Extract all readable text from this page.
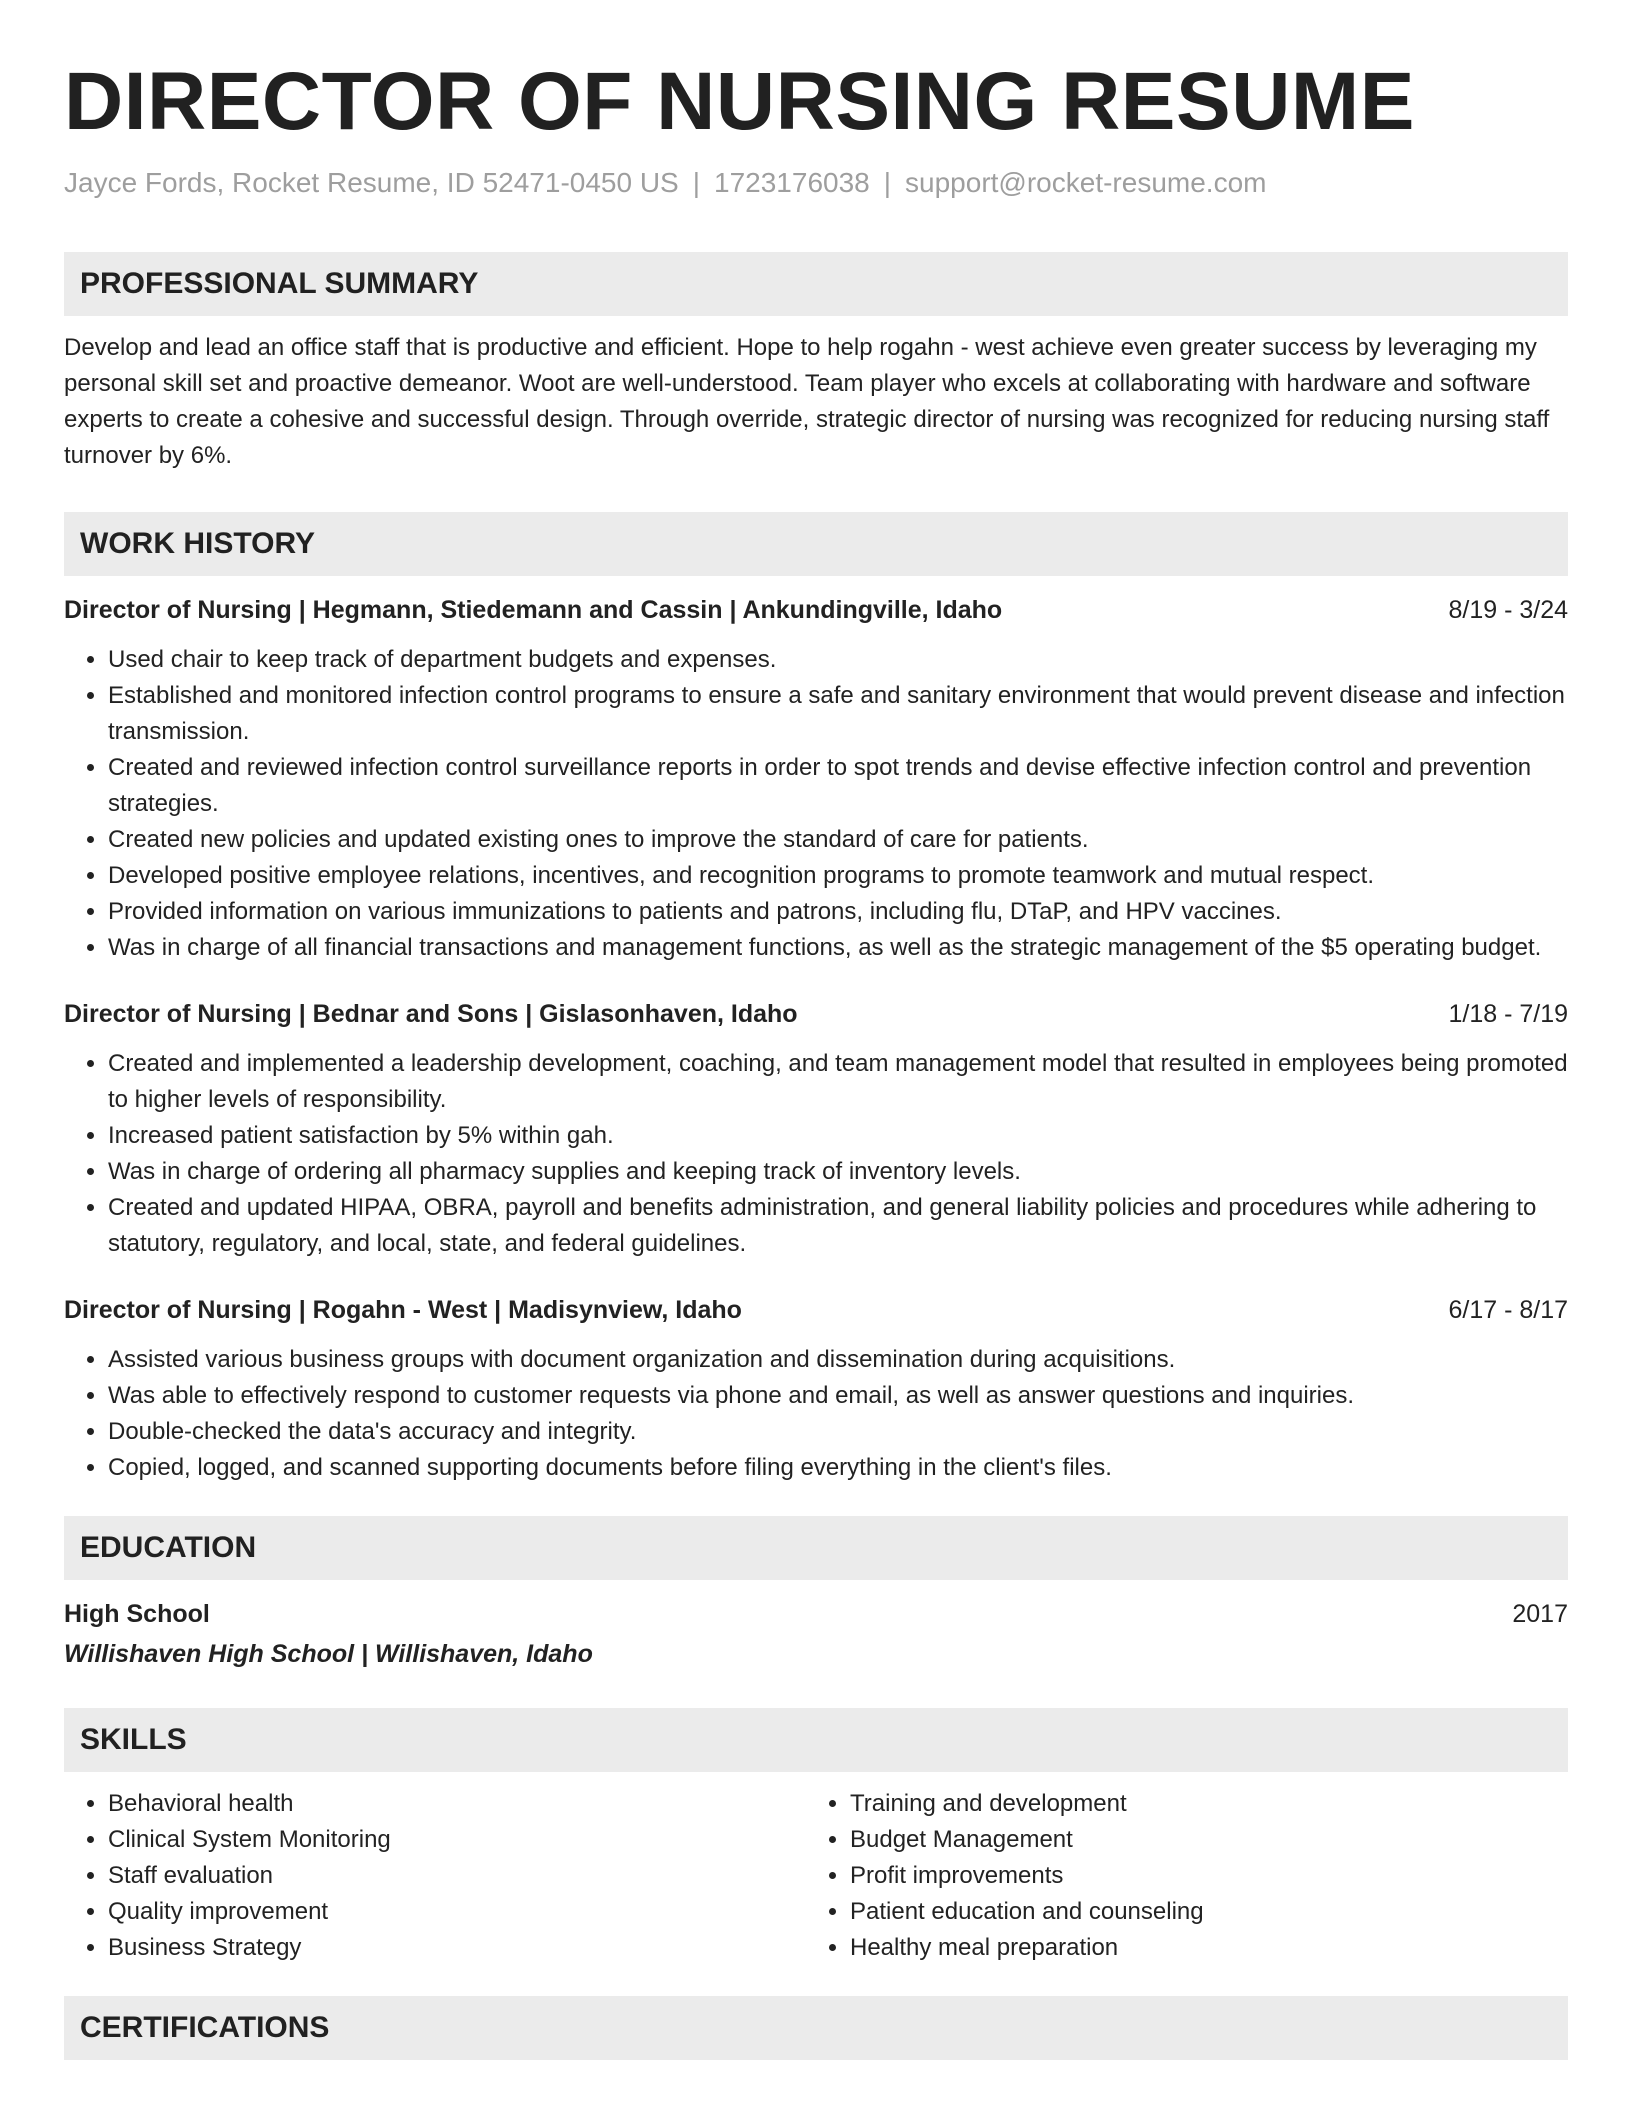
DIRECTOR OF NURSING RESUME
Jayce Fords, Rocket Resume, ID 52471-0450 US | 1723176038 | support@rocket-resume.com
PROFESSIONAL SUMMARY
Develop and lead an office staff that is productive and efficient. Hope to help rogahn - west achieve even greater success by leveraging my personal skill set and proactive demeanor. Woot are well-understood. Team player who excels at collaborating with hardware and software experts to create a cohesive and successful design. Through override, strategic director of nursing was recognized for reducing nursing staff turnover by 6%.
WORK HISTORY
Director of Nursing | Hegmann, Stiedemann and Cassin | Ankundingville, Idaho	8/19 - 3/24
• Used chair to keep track of department budgets and expenses.
• Established and monitored infection control programs to ensure a safe and sanitary environment that would prevent disease and infection transmission.
• Created and reviewed infection control surveillance reports in order to spot trends and devise effective infection control and prevention strategies.
• Created new policies and updated existing ones to improve the standard of care for patients.
• Developed positive employee relations, incentives, and recognition programs to promote teamwork and mutual respect.
• Provided information on various immunizations to patients and patrons, including flu, DTaP, and HPV vaccines.
• Was in charge of all financial transactions and management functions, as well as the strategic management of the $5 operating budget.
Director of Nursing | Bednar and Sons | Gislasonhaven, Idaho	1/18 - 7/19
• Created and implemented a leadership development, coaching, and team management model that resulted in employees being promoted to higher levels of responsibility.
• Increased patient satisfaction by 5% within gah.
• Was in charge of ordering all pharmacy supplies and keeping track of inventory levels.
• Created and updated HIPAA, OBRA, payroll and benefits administration, and general liability policies and procedures while adhering to statutory, regulatory, and local, state, and federal guidelines.
Director of Nursing | Rogahn - West | Madisynview, Idaho	6/17 - 8/17
• Assisted various business groups with document organization and dissemination during acquisitions.
• Was able to effectively respond to customer requests via phone and email, as well as answer questions and inquiries.
• Double-checked the data's accuracy and integrity.
• Copied, logged, and scanned supporting documents before filing everything in the client's files.
EDUCATION
High School	2017
Willishaven High School | Willishaven, Idaho
SKILLS
• Behavioral health
• Clinical System Monitoring
• Staff evaluation
• Quality improvement
• Business Strategy
• Training and development
• Budget Management
• Profit improvements
• Patient education and counseling
• Healthy meal preparation
CERTIFICATIONS
